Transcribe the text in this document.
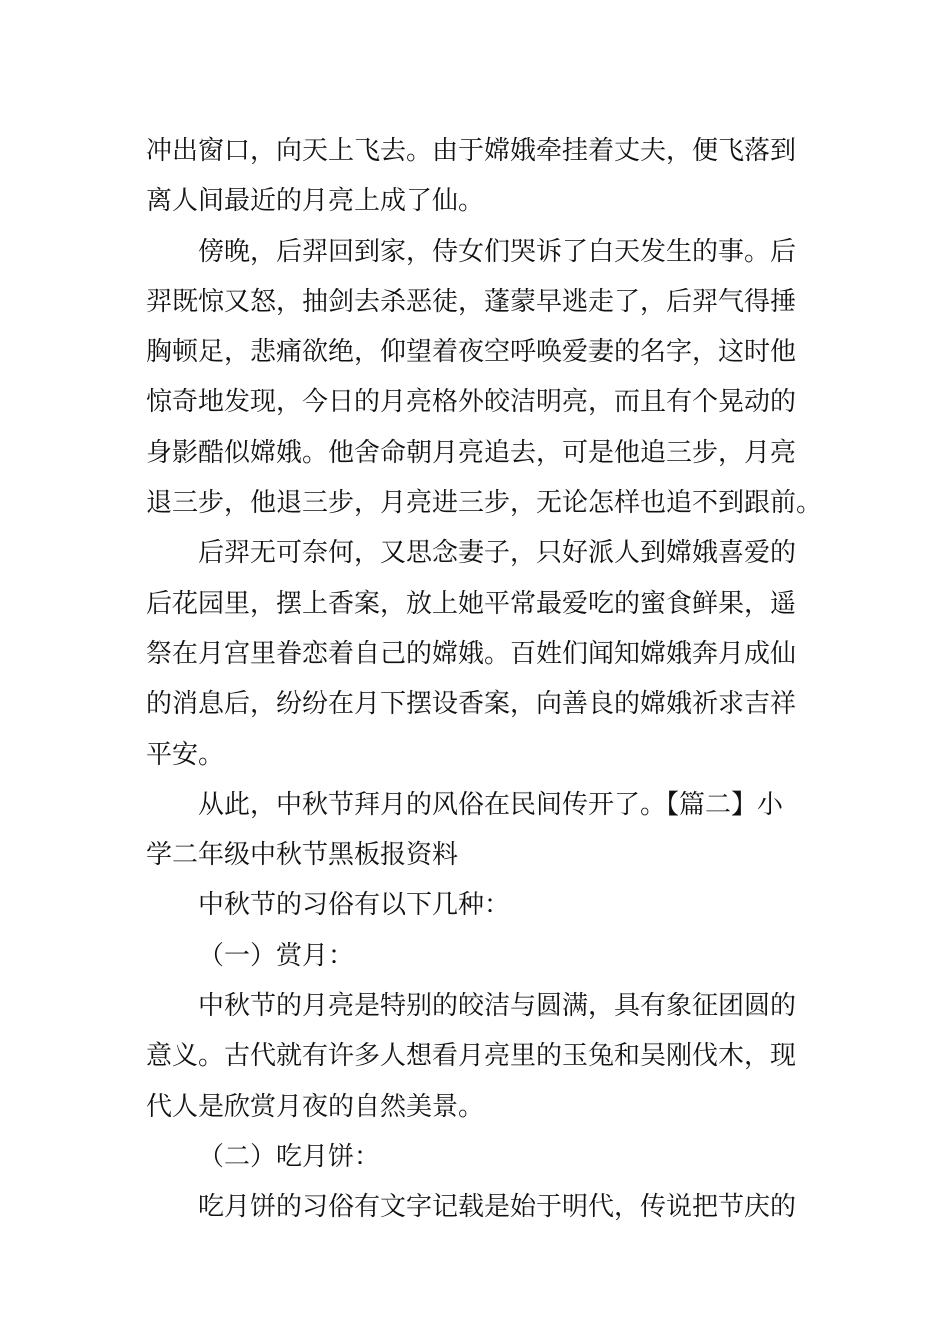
冲出窗口，向天上飞去。由于嫦娥牵挂着丈夫，便飞落到
离人间最近的月亮上成了仙。
傍晚，后羿回到家，侍女们哭诉了白天发生的事。后
羿既惊又怒，抽剑去杀恶徒，蓬蒙早逃走了，后羿气得捶
胸顿足，悲痛欲绝，仰望着夜空呼唤爱妻的名字，这时他
惊奇地发现，今日的月亮格外皎洁明亮，而且有个晃动的
身影酷似嫦娥。他舍命朝月亮追去，可是他追三步，月亮
退三步，他退三步，月亮进三步，无论怎样也追不到跟前。
后羿无可奈何，又思念妻子，只好派人到嫦娥喜爱的
后花园里，摆上香案，放上她平常最爱吃的蜜食鲜果，遥
祭在月宫里眷恋着自己的嫦娥。百姓们闻知嫦娥奔月成仙
的消息后，纷纷在月下摆设香案，向善良的嫦娥祈求吉祥
平安。
从此，中秋节拜月的风俗在民间传开了。【篇二】小
学二年级中秋节黑板报资料
中秋节的习俗有以下几种：
（一）赏月：
中秋节的月亮是特别的皎洁与圆满，具有象征团圆的
意义。古代就有许多人想看月亮里的玉兔和吴刚伐木，现
代人是欣赏月夜的自然美景。
（二）吃月饼：
吃月饼的习俗有文字记载是始于明代，传说把节庆的
